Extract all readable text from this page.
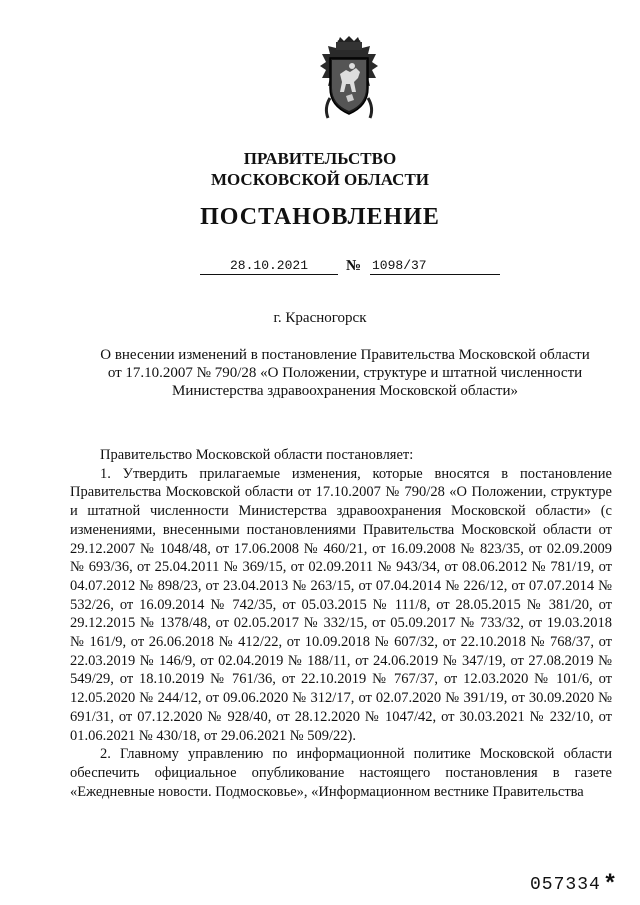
ПРАВИТЕЛЬСТВО
МОСКОВСКОЙ ОБЛАСТИ
ПОСТАНОВЛЕНИЕ
28.10.2021	№ 1098/37
г. Красногорск
О внесении изменений в постановление Правительства Московской области
от 17.10.2007 № 790/28 «О Положении, структуре и штатной численности
Министерства здравоохранения Московской области»

Правительство Московской области постановляет:

1. Утвердить прилагаемые изменения, которые вносятся в постановление Правительства Московской области от 17.10.2007 № 790/28 «О Положении, структуре и штатной численности Министерства здравоохранения Московской области» (с изменениями, внесенными постановлениями Правительства Московской области от 29.12.2007 № 1048/48, от 17.06.2008 № 460/21, от 16.09.2008 № 823/35, от 02.09.2009 № 693/36, от 25.04.2011 № 369/15, от 02.09.2011 № 943/34, от 08.06.2012 № 781/19, от 04.07.2012 № 898/23, от 23.04.2013 № 263/15, от 07.04.2014 № 226/12, от 07.07.2014 № 532/26, от 16.09.2014 № 742/35, от 05.03.2015 № 111/8, от 28.05.2015 № 381/20, от 29.12.2015 № 1378/48, от 02.05.2017 № 332/15, от 05.09.2017 № 733/32, от 19.03.2018 № 161/9, от 26.06.2018 № 412/22, от 10.09.2018 № 607/32, от 22.10.2018 № 768/37, от 22.03.2019 № 146/9, от 02.04.2019 № 188/11, от 24.06.2019 № 347/19, от 27.08.2019 № 549/29, от 18.10.2019 № 761/36, от 22.10.2019 № 767/37, от 12.03.2020 № 101/6, от 12.05.2020 № 244/12, от 09.06.2020 № 312/17, от 02.07.2020 № 391/19, от 30.09.2020 № 691/31, от 07.12.2020 № 928/40, от 28.12.2020 № 1047/42, от 30.03.2021 № 232/10, от 01.06.2021 № 430/18, от 29.06.2021 № 509/22).

2. Главному управлению по информационной политике Московской области обеспечить официальное опубликование настоящего постановления в газете «Ежедневные новости. Подмосковье», «Информационном вестнике Правительства

057334*
